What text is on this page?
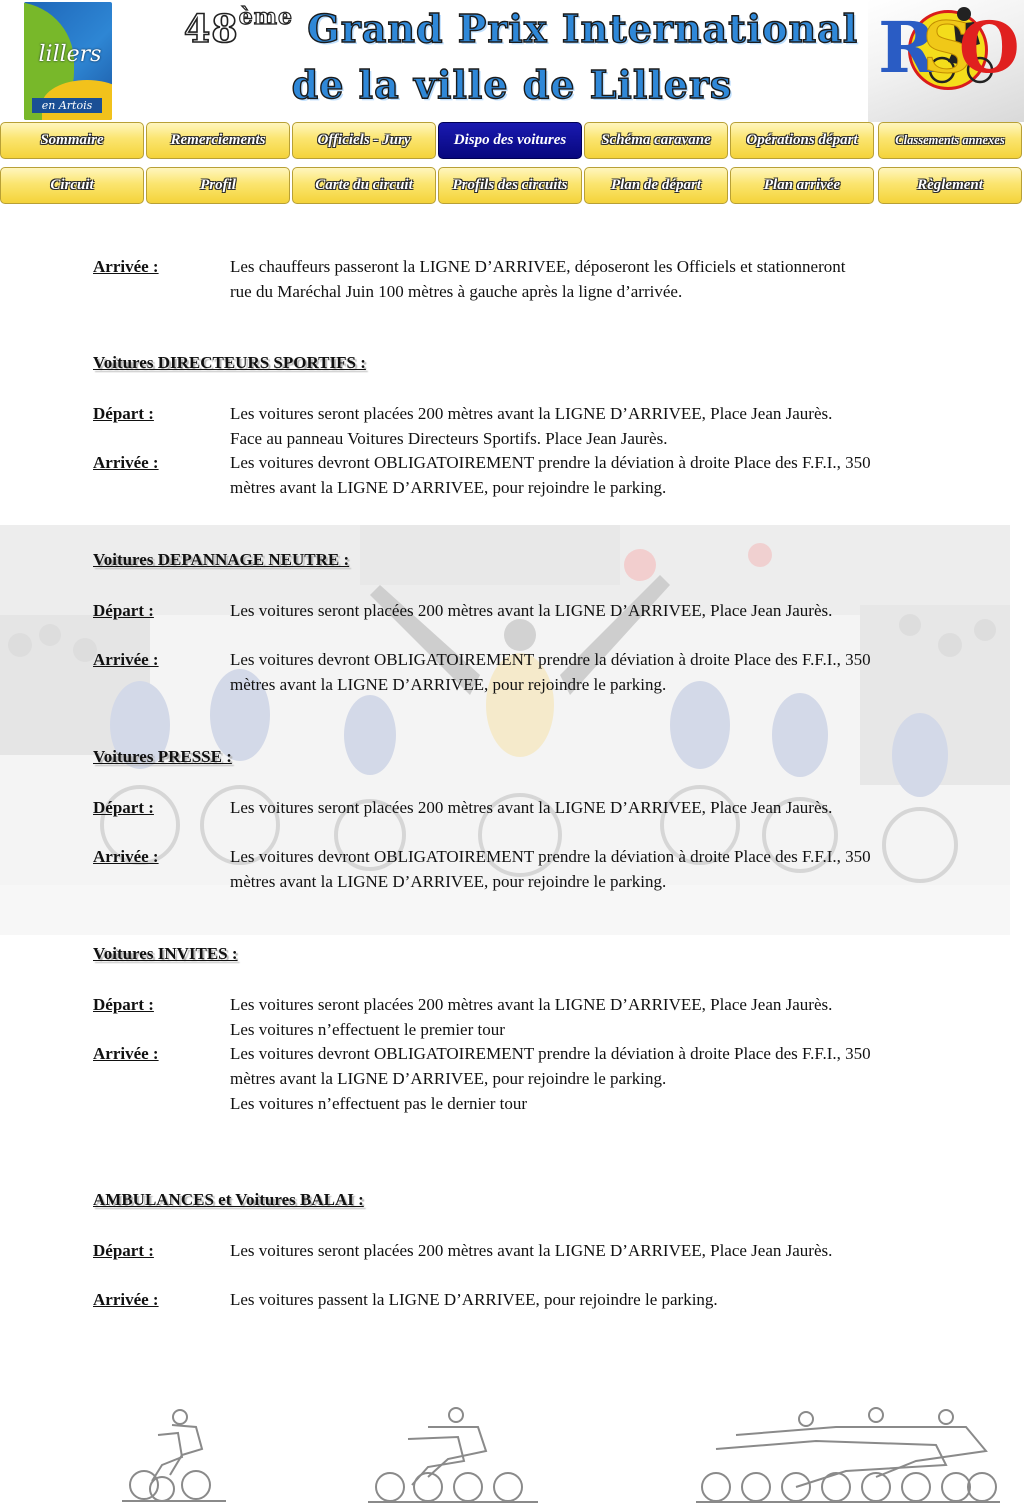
lillers
en Artois
48ème Grand Prix International
de la ville de Lillers	RSO
Sommaire	Remerciements	Officiels - Jury	Dispo des voitures	Schéma caravane	Opérations départ	Classements annexes
Circuit	Profil	Carte du circuit	Profils des circuits	Plan de départ	Plan arrivée	Règlement
Arrivée :	Les chauffeurs passeront la LIGNE D’ARRIVEE, déposeront les Officiels et stationneront
rue du Maréchal Juin 100 mètres à gauche après la ligne d’arrivée.
Voitures DIRECTEURS SPORTIFS :
Départ :	Les voitures seront placées 200 mètres avant la LIGNE D’ARRIVEE, Place Jean Jaurès.
Face au panneau Voitures Directeurs Sportifs. Place Jean Jaurès.
Arrivée :	Les voitures devront OBLIGATOIREMENT prendre la déviation à droite Place des F.F.I., 350
mètres avant la LIGNE D’ARRIVEE, pour rejoindre le parking.
Voitures DEPANNAGE NEUTRE :
Départ :	Les voitures seront placées 200 mètres avant la LIGNE D’ARRIVEE, Place Jean Jaurès.
Arrivée :	Les voitures devront OBLIGATOIREMENT prendre la déviation à droite Place des F.F.I., 350
mètres avant la LIGNE D’ARRIVEE, pour rejoindre le parking.
Voitures PRESSE :
Départ :	Les voitures seront placées 200 mètres avant la LIGNE D’ARRIVEE, Place Jean Jaurès.
Arrivée :	Les voitures devront OBLIGATOIREMENT prendre la déviation à droite Place des F.F.I., 350
mètres avant la LIGNE D’ARRIVEE, pour rejoindre le parking.
Voitures INVITES :
Départ :	Les voitures seront placées 200 mètres avant la LIGNE D’ARRIVEE, Place Jean Jaurès.
Les voitures n’effectuent le premier tour
Arrivée :	Les voitures devront OBLIGATOIREMENT prendre la déviation à droite Place des F.F.I., 350
mètres avant la LIGNE D’ARRIVEE, pour rejoindre le parking.
Les voitures n’effectuent pas le dernier tour
AMBULANCES et Voitures BALAI :
Départ :	Les voitures seront placées 200 mètres avant la LIGNE D’ARRIVEE, Place Jean Jaurès.
Arrivée :	Les voitures passent la LIGNE D’ARRIVEE, pour rejoindre le parking.
